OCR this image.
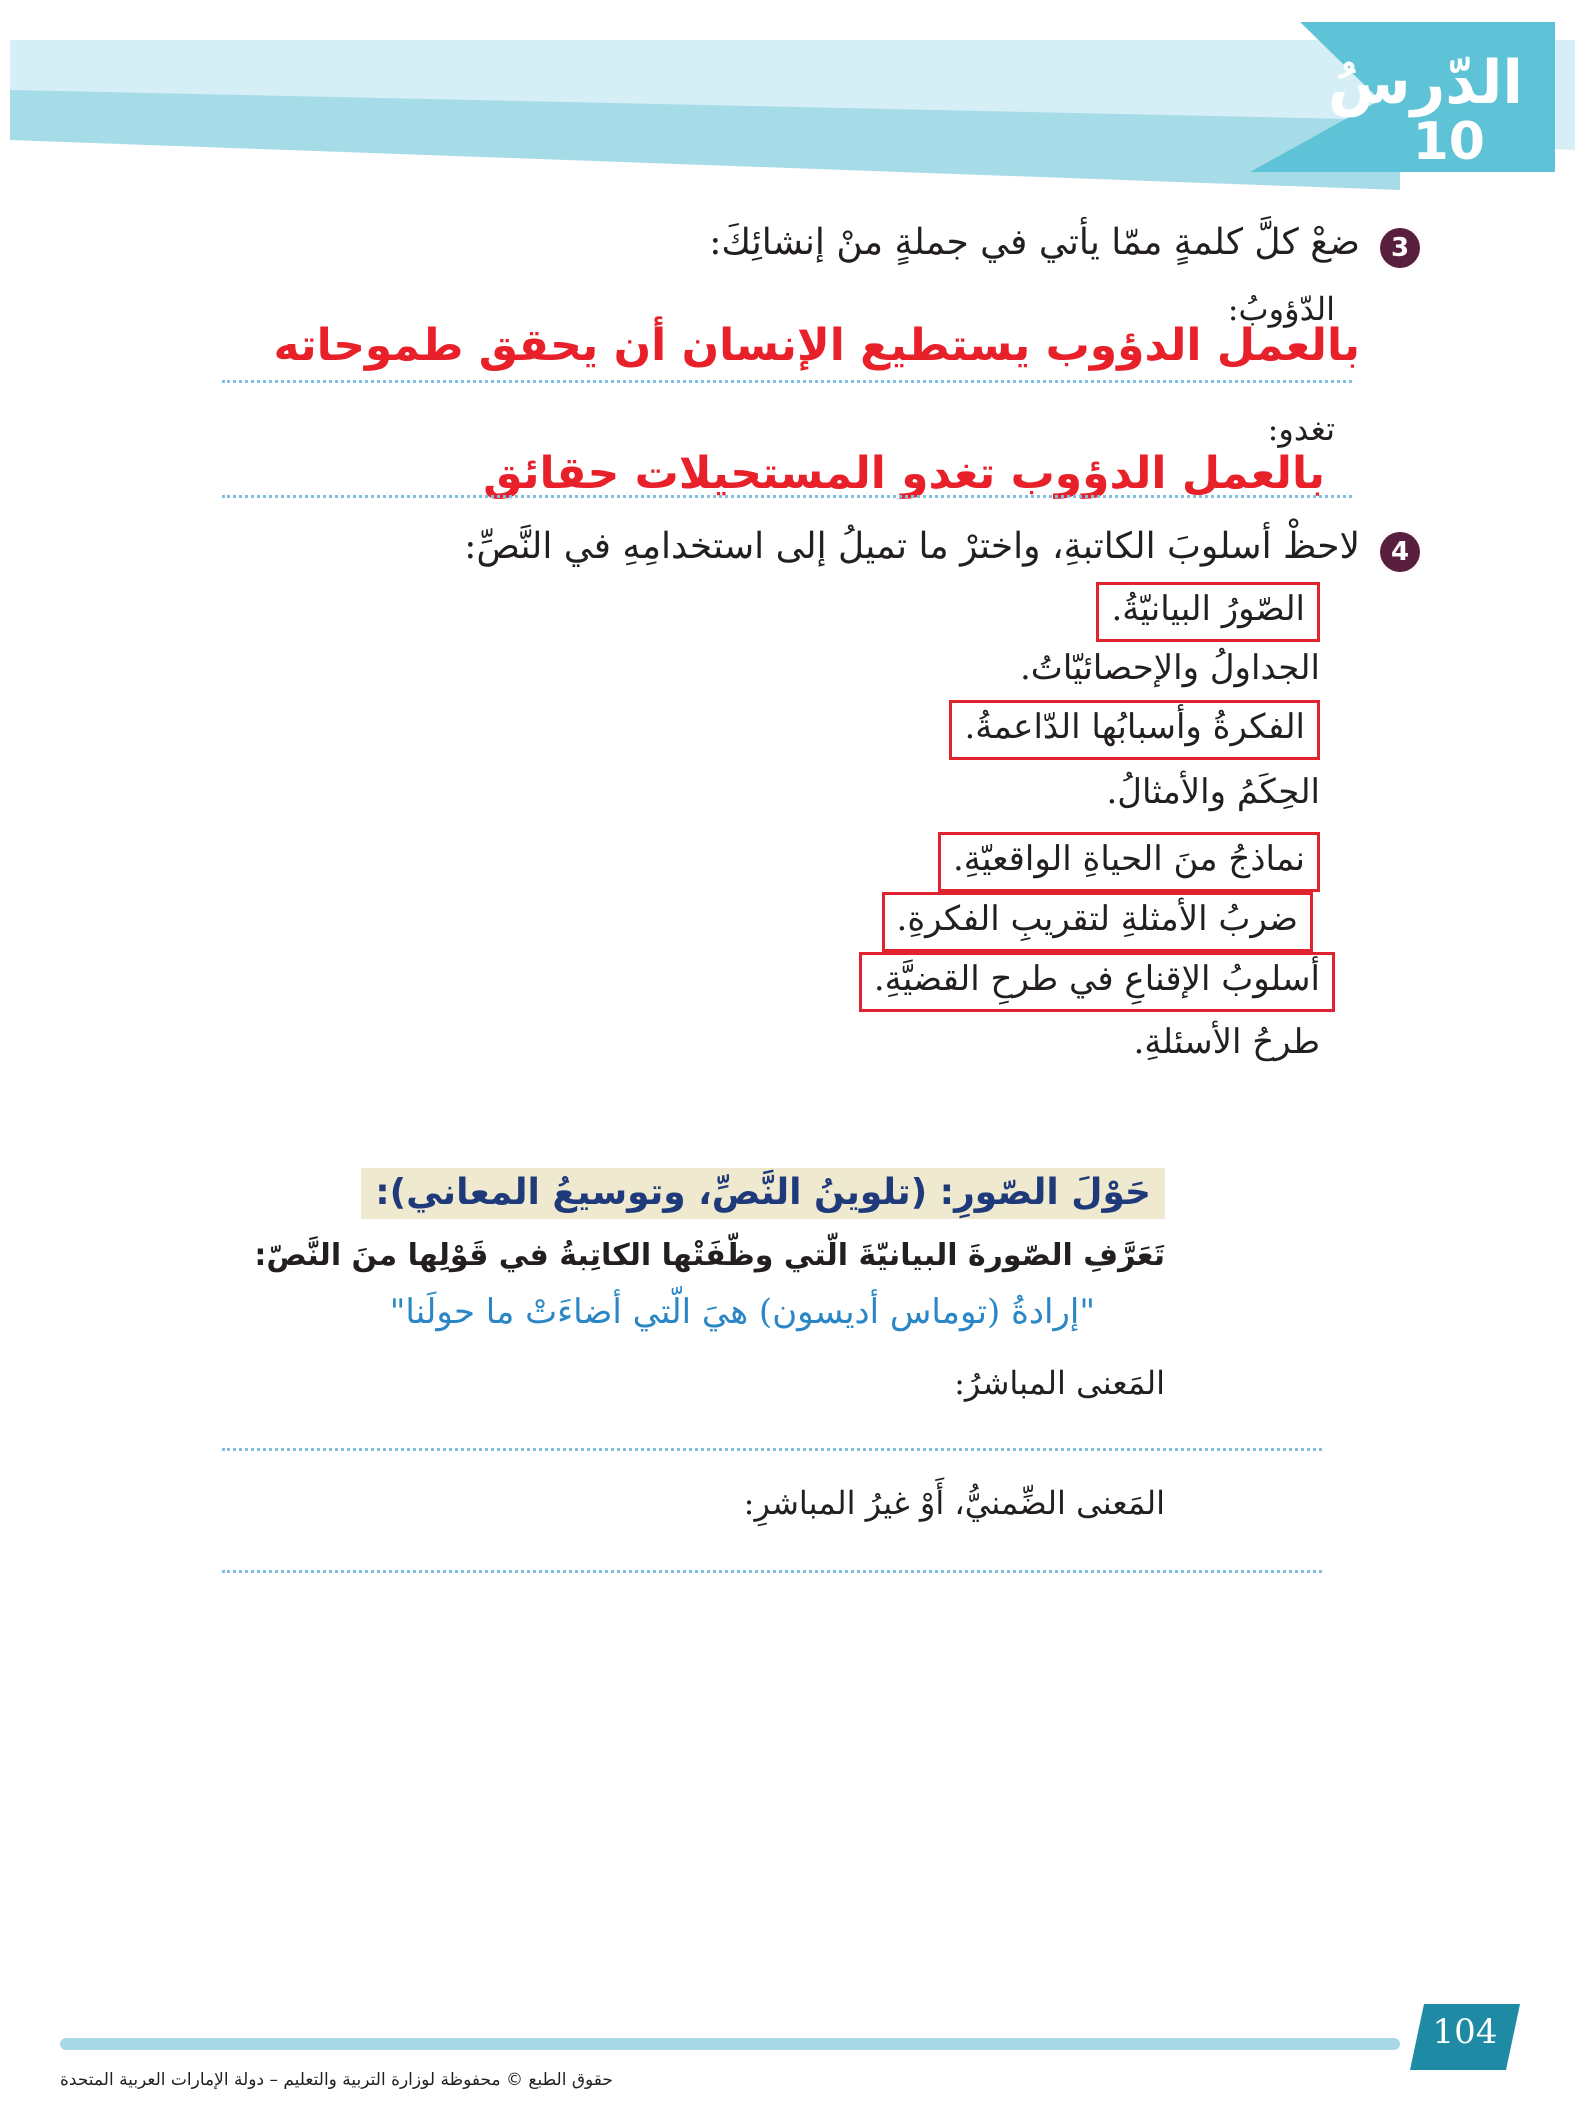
الدّرسُ
10
3
ضعْ كلَّ كلمةٍ ممّا يأتي في جملةٍ منْ إنشائِكَ:
الدّؤوبُ:
بالعمل الدؤوب يستطيع الإنسان أن يحقق طموحاته
تغدو:
بالعمل الدؤوب تغدو المستحيلات حقائق
4
لاحظْ أسلوبَ الكاتبةِ، واخترْ ما تميلُ إلى استخدامِهِ في النَّصِّ:
الصّورُ البيانيّةُ.
الجداولُ والإحصائيّاتُ.
الفكرةُ وأسبابُها الدّاعمةُ.
الحِكَمُ والأمثالُ.
نماذجُ منَ الحياةِ الواقعيّةِ.
ضربُ الأمثلةِ لتقريبِ الفكرةِ.
أسلوبُ الإقناعِ في طرحِ القضيَّةِ.
طرحُ الأسئلةِ.
حَوْلَ الصّورِ: (تلوينُ النَّصِّ، وتوسيعُ المعاني):
تَعَرَّفِ الصّورةَ البيانيّةَ الّتي وظّفَتْها الكاتِبةُ في قَوْلِها منَ النَّصّ:
"إرادةُ (توماس أديسون) هيَ الّتي أضاءَتْ ما حولَنا"
المَعنى المباشرُ:
المَعنى الضِّمنيُّ، أَوْ غيرُ المباشرِ:
104
حقوق الطبع © محفوظة لوزارة التربية والتعليم – دولة الإمارات العربية المتحدة
